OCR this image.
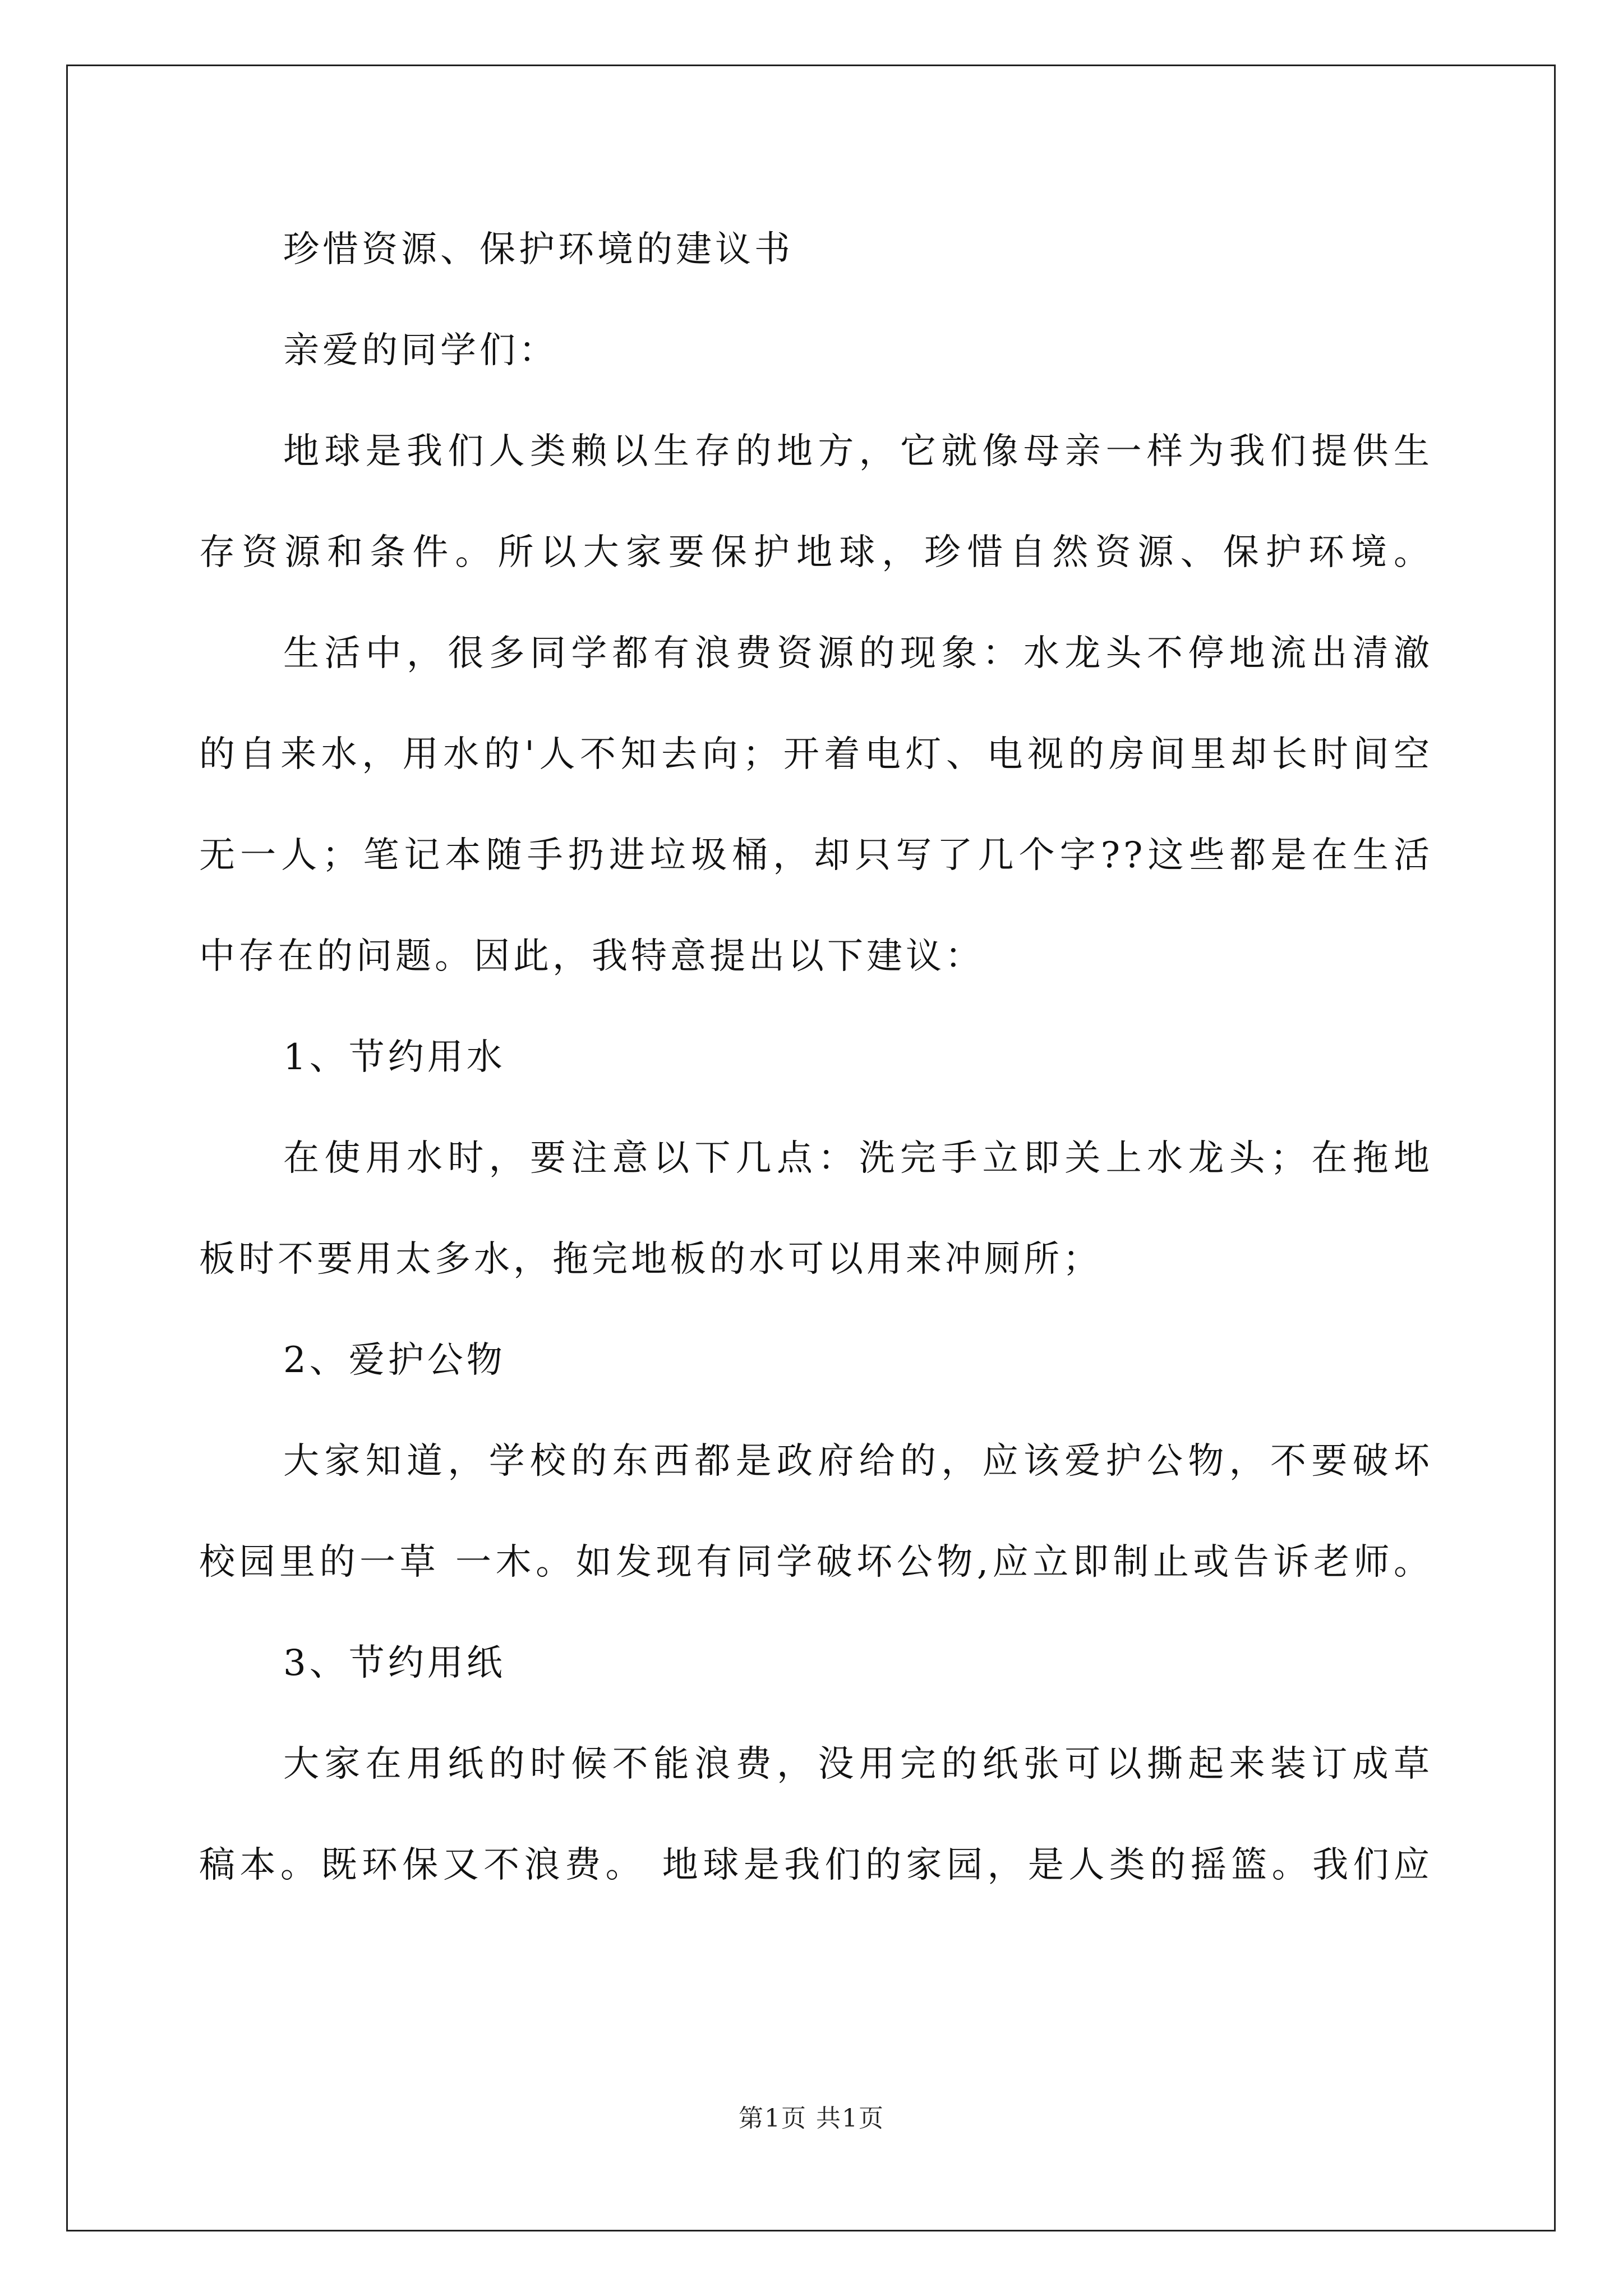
珍惜资源、保护环境的建议书
亲爱的同学们：
地球是我们人类赖以生存的地方，它就像母亲一样为我们提供生
存资源和条件。所以大家要保护地球，珍惜自然资源、保护环境。
生活中，很多同学都有浪费资源的现象：水龙头不停地流出清澈
的自来水，用水的'人不知去向；开着电灯、电视的房间里却长时间空
无一人；笔记本随手扔进垃圾桶，却只写了几个字??这些都是在生活
中存在的问题。因此，我特意提出以下建议：
1、节约用水
在使用水时，要注意以下几点：洗完手立即关上水龙头；在拖地
板时不要用太多水，拖完地板的水可以用来冲厕所；
2、爱护公物
大家知道，学校的东西都是政府给的，应该爱护公物，不要破坏
校园里的一草 一木。如发现有同学破坏公物,应立即制止或告诉老师。
3、节约用纸
大家在用纸的时候不能浪费，没用完的纸张可以撕起来装订成草
稿本。既环保又不浪费。 地球是我们的家园，是人类的摇篮。我们应
第1页 共1页
